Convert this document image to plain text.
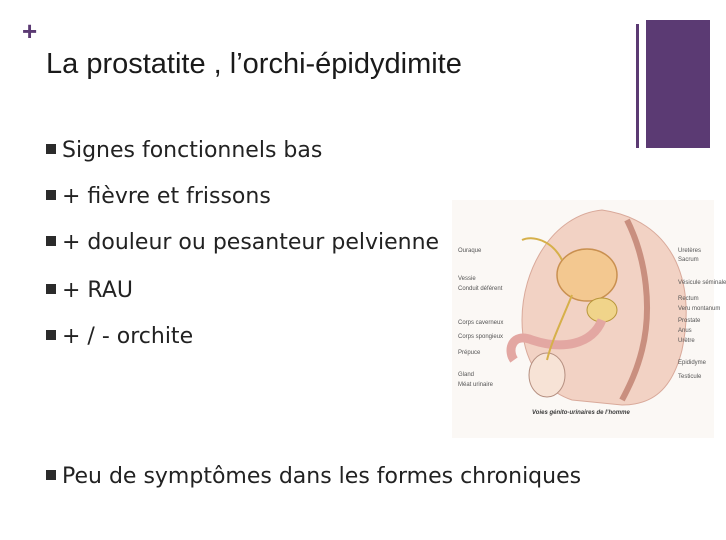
+
La prostatite , l’orchi-épidydimite
Signes fonctionnels bas
+ fièvre et frissons
+ douleur ou pesanteur pelvienne
+ RAU
+ / - orchite
Peu de symptômes dans les formes chroniques
Ouraque
Vessie
Conduit déférent
Corps caverneux
Corps spongieux
Prépuce
Gland
Méat urinaire
Uretères
Sacrum
Vésicule séminale
Rectum
Veru montanum
Prostate
Anus
Urètre
Epididyme
Testicule
Voies génito-urinaires de l’homme
